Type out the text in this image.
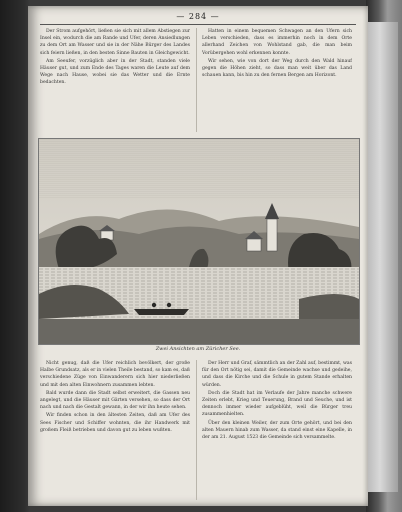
— 284 —

Der Strom aufgehört, ließen sie sich mit allem Abstiegen zur Insel ein, wodurch die am Rande und Ufer, deren Ansiedlungen zu dem Ort am Wasser und sie in der Nähe Bürger des Landes sich feiern ließen, in den besten Sinne Bauten in Gleichgewicht.

Am Seeufer, vorzüglich aber in der Stadt, standen viele Häuser gut, und zum Ende des Tages waren die Leute auf dem Wege nach Hause, wobei sie das Wetter und die Ernte bedachten.

Hatten in einem bequemen Schwagen an den Ufern sich Leben verschieden, dass es immerhin noch in dem Orte allerhand Zeichen von Wohlstand gab, die man beim Vorübergehen wohl erkennen konnte.

Wir sehen, wie von dort der Weg durch den Wald hinauf gegen die Höhen zieht, so dass man weit über das Land schauen kann, bis hin zu den fernen Bergen am Horizont.

Zwei Ansichten am Züricher See.

Nicht genug, daß die Ufer reichlich bevölkert, der große Halbe Grundsatz, als er in vielen Theile bestand, so kam es, daß verschiedene Züge von Einwanderern sich hier niederließen und mit den alten Einwohnern zusammen lebten.

Bald wurde dann die Stadt selbst erweitert, die Gassen neu angelegt, und die Häuser mit Gärten versehen, so dass der Ort nach und nach die Gestalt gewann, in der wir ihn heute sehen.

Wir finden schon in den ältesten Zeiten, daß am Ufer des Sees Fischer und Schiffer wohnten, die ihr Handwerk mit großem Fleiß betrieben und davon gut zu leben wußten.

Der Herr und Graf, sämmtlich an der Zahl auf, bestimmt, was für den Ort nötig sei, damit die Gemeinde wachse und gedeihe, und dass die Kirche und die Schule in gutem Stande erhalten würden.

Doch die Stadt hat im Verlaufe der Jahre manche schwere Zeiten erlebt, Krieg und Teuerung, Brand und Seuche, und ist dennoch immer wieder aufgeblüht, weil die Bürger treu zusammenhielten.

Über den kleinen Weiler, der zum Orte gehört, und bei den alten Mauern hinab zum Wasser, da stand einst eine Kapelle, in der am 21. August 1523 die Gemeinde sich versammelte.
